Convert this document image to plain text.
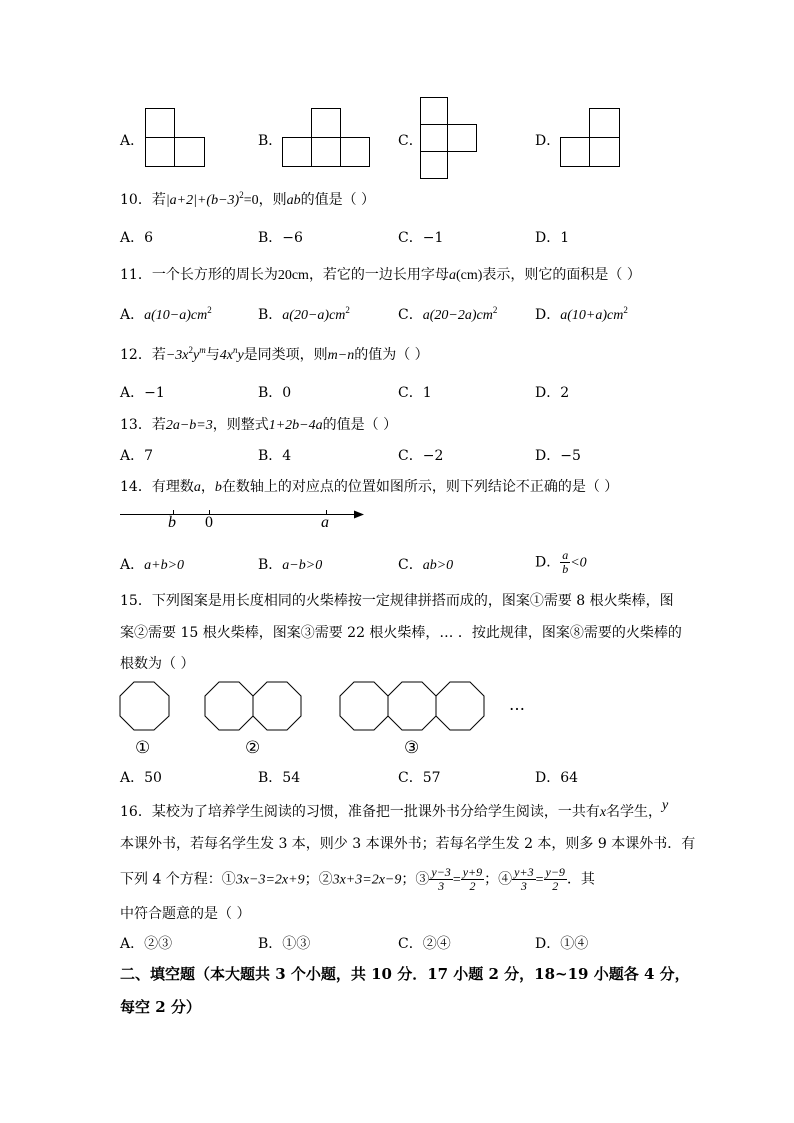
A．	B．	C．	D．
10．若$|a+2|+(b-3)^2=0$，则ab的值是（ ）
A．6	B．−6	C．−1	D．1
11．一个长方形的周长为20cm，若它的一边长用字母a(cm)表示，则它的面积是（ ）
A．$a(10-a)cm^2$	B．$a(20-a)cm^2$	C．$a(20-2a)cm^2$	D．$a(10+a)cm^2$
12．若$-3x^2y^m$与$4x^ny$是同类项，则m−n的值为（ ）
A．−1	B．0	C．1	D．2
13．若2a−b=3，则整式1+2b−4a的值是（ ）
A．7	B．4	C．−2	D．−5
14．有理数a，b在数轴上的对应点的位置如图所示，则下列结论不正确的是（ ）
b 0	a
A．a+b>0	B．a−b>0	C．ab>0	D． $\frac{a}{b} <0$
15．下列图案是用长度相同的火柴棒按一定规律拼搭而成的，图案①需要 8 根火柴棒，图
案②需要 15 根火柴棒，图案③需要 22 根火柴棒，… ．按此规律，图案⑧需要的火柴棒的
根数为（ ）
…
①	②	③
A．50	B．54	C．57	D．64
16．某校为了培养学生阅读的习惯，准备把一批课外书分给学生阅读，一共有x名学生，y
本课外书，若每名学生发 3 本，则少 3 本课外书；若每名学生发 2 本，则多 9 本课外书．有
下列 4 个方程：①3x−3=2x+9；②3x+3=2x−9；③ $\frac{y-3}{3} = \frac{y+9}{2}$ ；④ $\frac{y+3}{3} = \frac{y-9}{2}$ ．其
中符合题意的是（ ）
A．②③	B．①③	C．②④	D．①④
二、填空题（本大题共 3 个小题，共 10 分．17 小题 2 分，18~19 小题各 4 分，
每空 2 分）
